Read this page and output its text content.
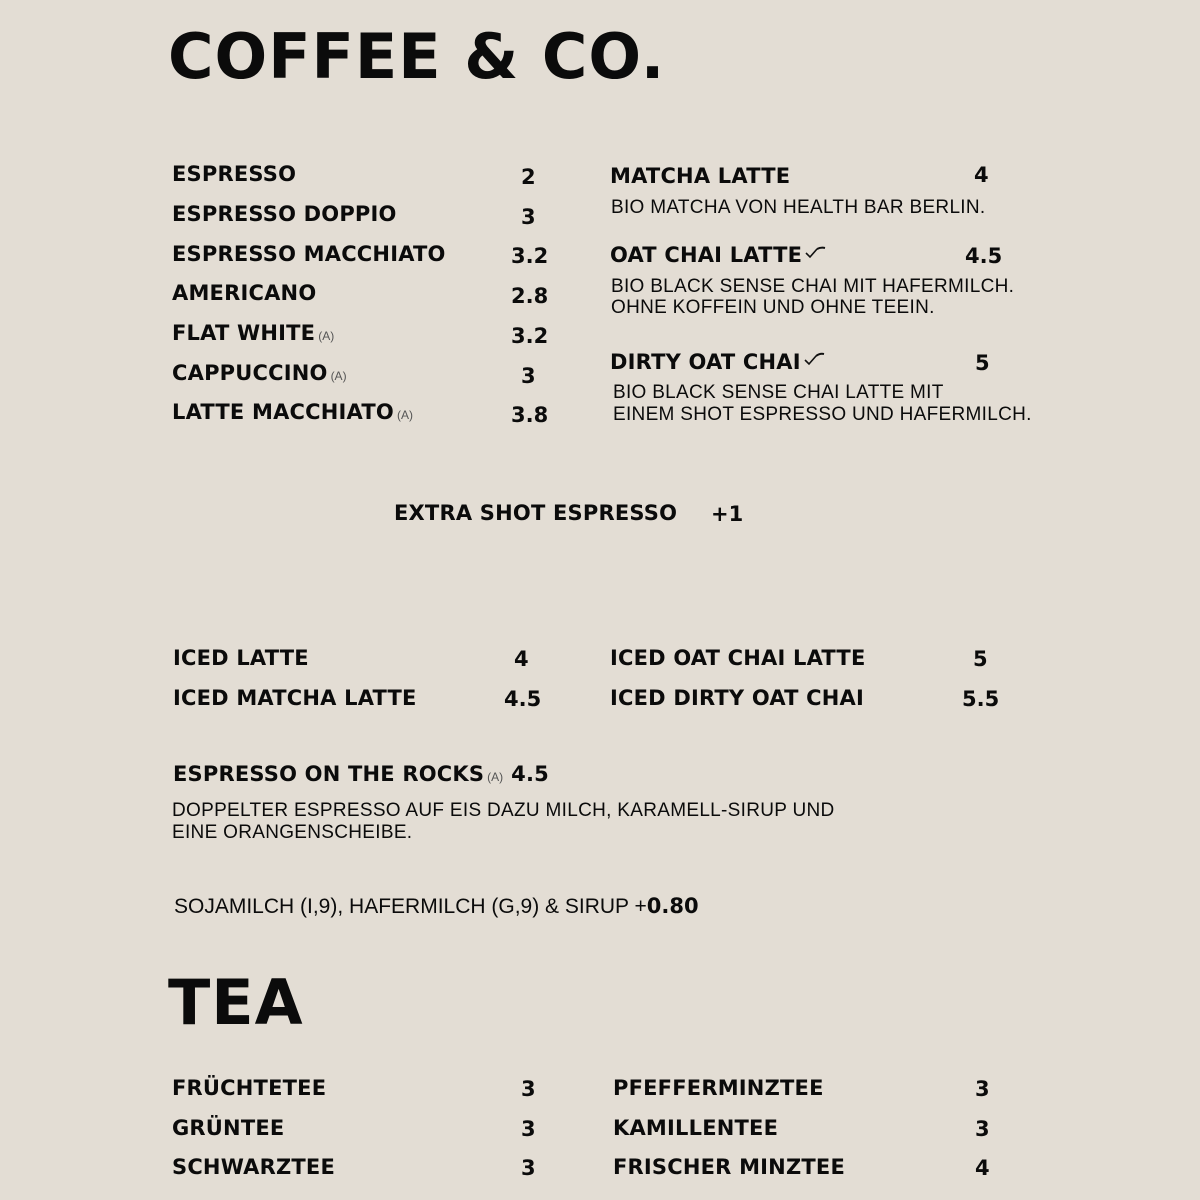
COFFEE & CO.
ESPRESSO	2
ESPRESSO DOPPIO	3
ESPRESSO MACCHIATO	3.2
AMERICANO	2.8
FLAT WHITE (A)	3.2
CAPPUCCINO (A)	3
LATTE MACCHIATO (A)	3.8
MATCHA LATTE	4
BIO MATCHA VON HEALTH BAR BERLIN.
OAT CHAI LATTE	4.5
BIO BLACK SENSE CHAI MIT HAFERMILCH.
OHNE KOFFEIN UND OHNE TEEIN.
DIRTY OAT CHAI	5
BIO BLACK SENSE CHAI LATTE MIT
EINEM SHOT ESPRESSO UND HAFERMILCH.
EXTRA SHOT ESPRESSO +1
ICED LATTE	4
ICED MATCHA LATTE	4.5
ICED OAT CHAI LATTE	5
ICED DIRTY OAT CHAI	5.5
ESPRESSO ON THE ROCKS (A) 4.5
DOPPELTER ESPRESSO AUF EIS DAZU MILCH, KARAMELL-SIRUP UND
EINE ORANGENSCHEIBE.
SOJAMILCH (I,9), HAFERMILCH (G,9) & SIRUP +0.80
TEA
FRÜCHTETEE	3
GRÜNTEE	3
SCHWARZTEE	3
PFEFFERMINZTEE	3
KAMILLENTEE	3
FRISCHER MINZTEE	4
